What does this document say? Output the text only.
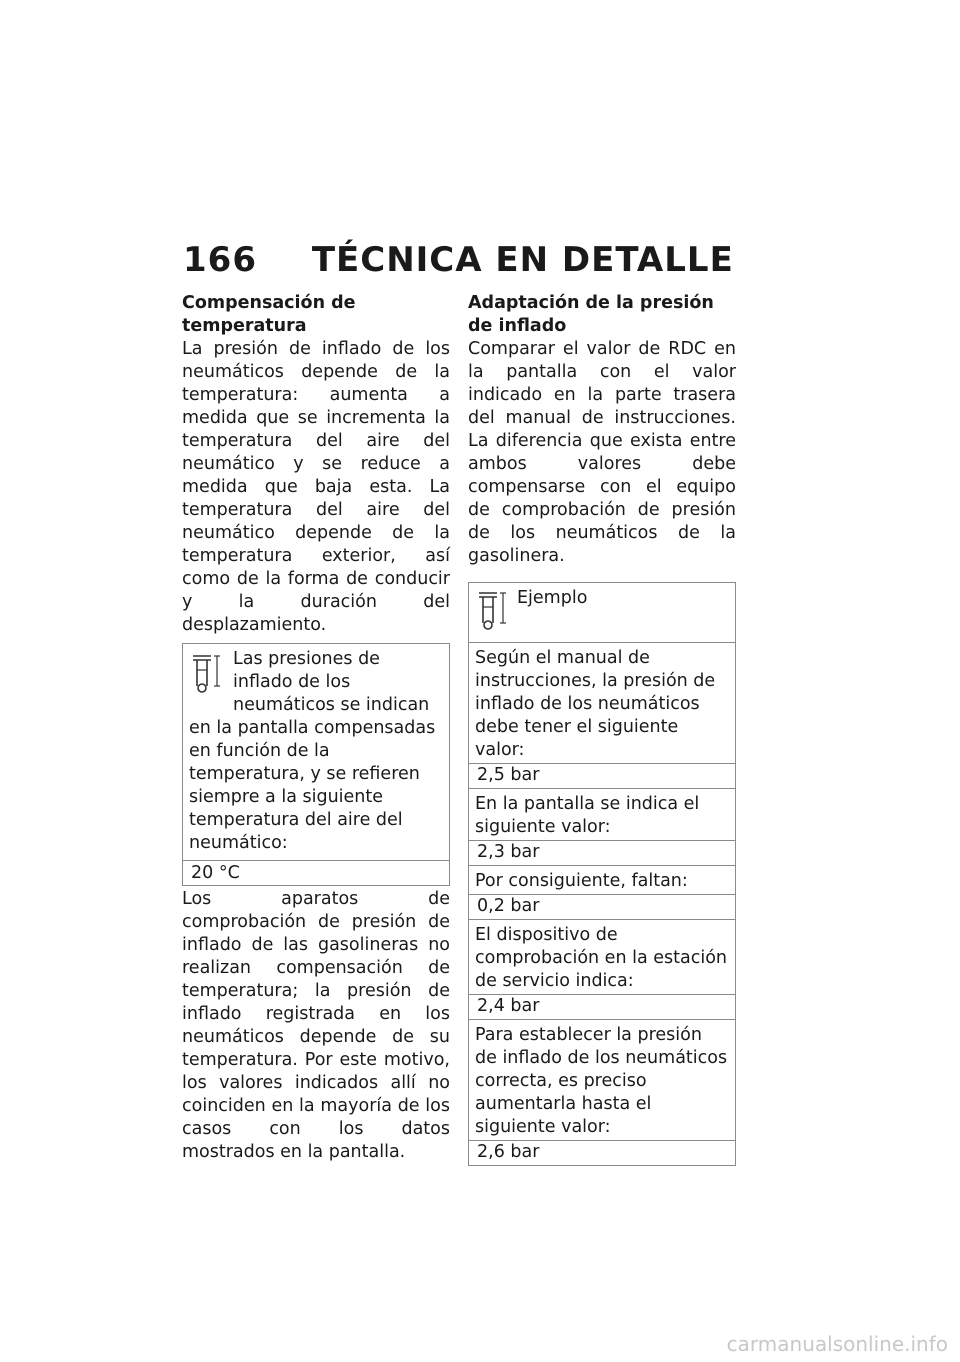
166 TÉCNICA EN DETALLE
Compensación de temperatura

La presión de inflado de los neumáticos depende de la temperatura: aumenta a medida que se incrementa la temperatura del aire del neumático y se reduce a medida que baja esta. La temperatura del aire del neumático depende de la temperatura exterior, así como de la forma de conducir y la duración del desplazamiento.

Las presiones de inflado de los neumáticos se indican en la pantalla compensadas en función de la temperatura, y se refieren siempre a la siguiente temperatura del aire del neumático:
20 °C

Los aparatos de comprobación de presión de inflado de las gasolineras no realizan compensación de temperatura; la presión de inflado registrada en los neumáticos depende de su temperatura. Por este motivo, los valores indicados allí no coinciden en la mayoría de los casos con los datos mostrados en la pantalla.

Adaptación de la presión de inflado

Comparar el valor de RDC en la pantalla con el valor indicado en la parte trasera del manual de instrucciones. La diferencia que exista entre ambos valores debe compensarse con el equipo de comprobación de presión de los neumáticos de la gasolinera.

Ejemplo
Según el manual de instrucciones, la presión de inflado de los neumáticos debe tener el siguiente valor:
2,5 bar
En la pantalla se indica el siguiente valor:
2,3 bar
Por consiguiente, faltan:
0,2 bar
El dispositivo de comprobación en la estación de servicio indica:
2,4 bar
Para establecer la presión de inflado de los neumáticos correcta, es preciso aumentarla hasta el siguiente valor:
2,6 bar
carmanualsonline.info
